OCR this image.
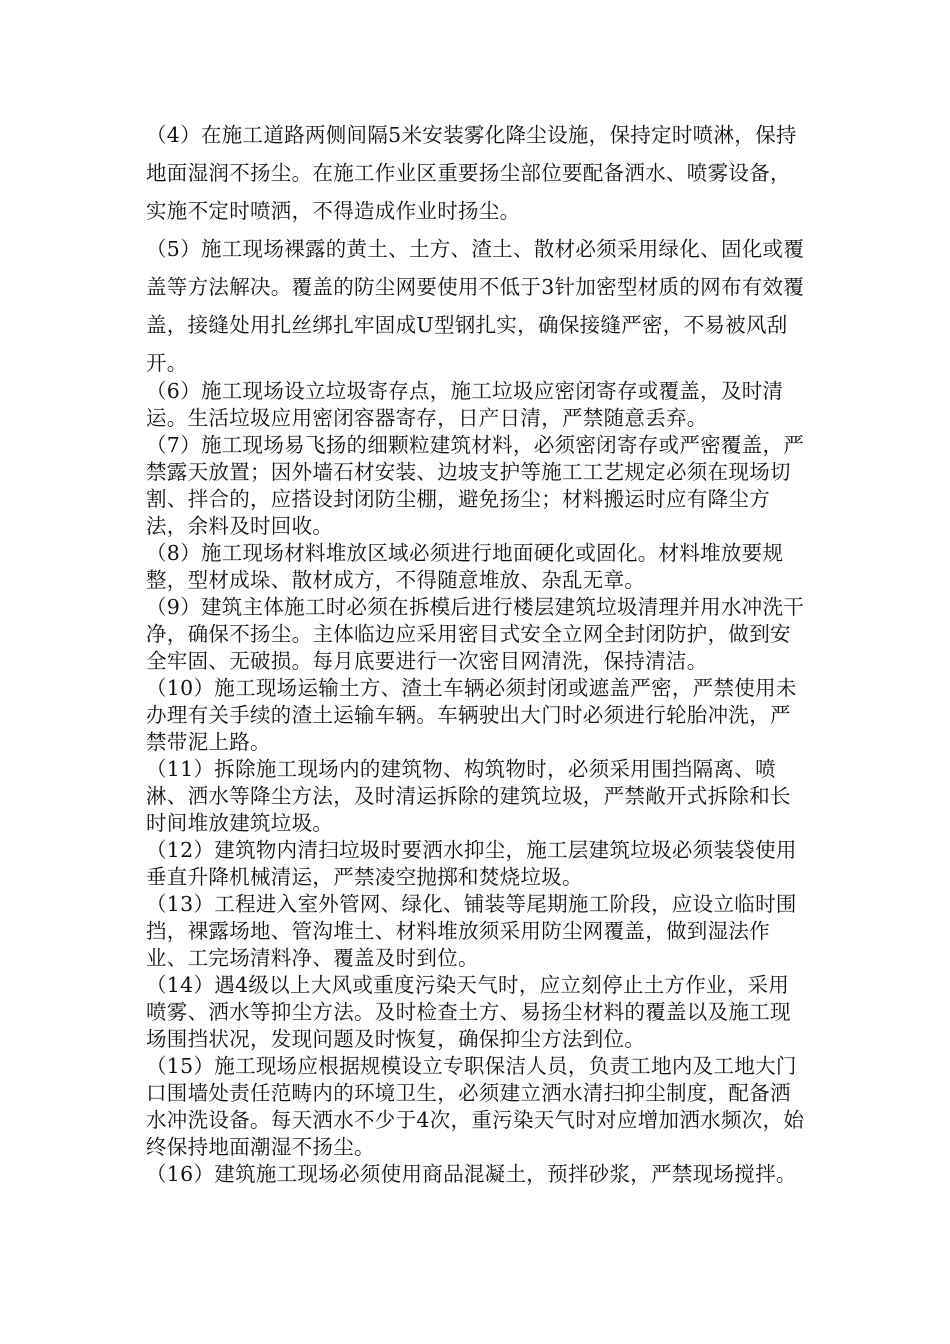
（4）在施工道路两侧间隔5米安装雾化降尘设施，保持定时喷淋，保持地面湿润不扬尘。在施工作业区重要扬尘部位要配备洒水、喷雾设备，实施不定时喷洒，不得造成作业时扬尘。

（5）施工现场裸露的黄土、土方、渣土、散材必须采用绿化、固化或覆盖等方法解决。覆盖的防尘网要使用不低于3针加密型材质的网布有效覆盖，接缝处用扎丝绑扎牢固成U型钢扎实，确保接缝严密，不易被风刮开。

（6）施工现场设立垃圾寄存点，施工垃圾应密闭寄存或覆盖，及时清运。生活垃圾应用密闭容器寄存，日产日清，严禁随意丢弃。

（7）施工现场易飞扬的细颗粒建筑材料，必须密闭寄存或严密覆盖，严禁露天放置；因外墙石材安装、边坡支护等施工工艺规定必须在现场切割、拌合的，应搭设封闭防尘棚，避免扬尘；材料搬运时应有降尘方法，余料及时回收。

（8）施工现场材料堆放区域必须进行地面硬化或固化。材料堆放要规整，型材成垛、散材成方，不得随意堆放、杂乱无章。

（9）建筑主体施工时必须在拆模后进行楼层建筑垃圾清理并用水冲洗干净，确保不扬尘。主体临边应采用密目式安全立网全封闭防护，做到安全牢固、无破损。每月底要进行一次密目网清洗，保持清洁。

（10）施工现场运输土方、渣土车辆必须封闭或遮盖严密，严禁使用未办理有关手续的渣土运输车辆。车辆驶出大门时必须进行轮胎冲洗，严禁带泥上路。

（11）拆除施工现场内的建筑物、构筑物时，必须采用围挡隔离、喷淋、洒水等降尘方法，及时清运拆除的建筑垃圾，严禁敞开式拆除和长时间堆放建筑垃圾。

（12）建筑物内清扫垃圾时要洒水抑尘，施工层建筑垃圾必须装袋使用垂直升降机械清运，严禁凌空抛掷和焚烧垃圾。

（13）工程进入室外管网、绿化、铺装等尾期施工阶段，应设立临时围挡，裸露场地、管沟堆土、材料堆放须采用防尘网覆盖，做到湿法作业、工完场清料净、覆盖及时到位。

（14）遇4级以上大风或重度污染天气时，应立刻停止土方作业，采用喷雾、洒水等抑尘方法。及时检查土方、易扬尘材料的覆盖以及施工现场围挡状况，发现问题及时恢复，确保抑尘方法到位。

（15）施工现场应根据规模设立专职保洁人员，负责工地内及工地大门口围墙处责任范畴内的环境卫生，必须建立洒水清扫抑尘制度，配备洒水冲洗设备。每天洒水不少于4次，重污染天气时对应增加洒水频次，始终保持地面潮湿不扬尘。

（16）建筑施工现场必须使用商品混凝土，预拌砂浆，严禁现场搅拌。
